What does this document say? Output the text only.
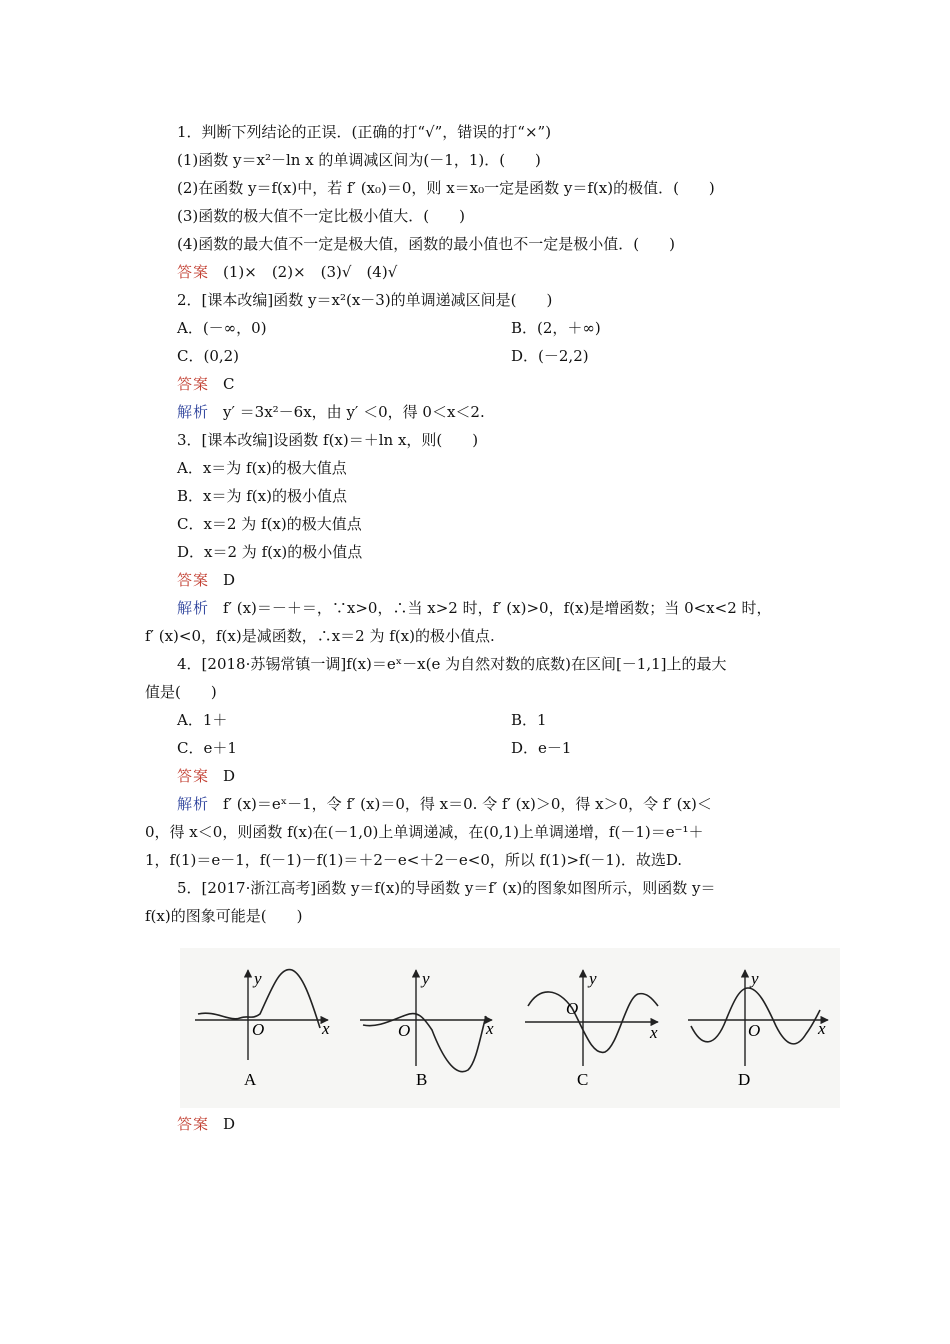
1．判断下列结论的正误．(正确的打“√”，错误的打“×”)
(1)函数 y＝x²－ln x 的单调减区间为(－1，1)．(　　)
(2)在函数 y＝f(x)中，若 f′ (x₀)＝0，则 x＝x₀一定是函数 y＝f(x)的极值．(　　)
(3)函数的极大值不一定比极小值大．(　　)
(4)函数的最大值不一定是极大值，函数的最小值也不一定是极小值．(　　)
答案 (1)×　(2)×　(3)√　(4)√
2．[课本改编]函数 y＝x²(x－3)的单调递减区间是(　　)
A．(－∞，0)	B．(2，＋∞)
C．(0,2)	D．(－2,2)
答案 C
解析 y′ ＝3x²－6x，由 y′ ＜0，得 0＜x＜2.
3．[课本改编]设函数 f(x)＝＋ln x，则(　　)
A．x＝为 f(x)的极大值点
B．x＝为 f(x)的极小值点
C．x＝2 为 f(x)的极大值点
D．x＝2 为 f(x)的极小值点
答案 D
解析 f′ (x)＝－＋＝，∵x>0，∴当 x>2 时，f′ (x)>0，f(x)是增函数；当 0<x<2 时，
f′ (x)<0，f(x)是减函数，∴x＝2 为 f(x)的极小值点.
4．[2018·苏锡常镇一调]f(x)＝eˣ－x(e 为自然对数的底数)在区间[－1,1]上的最大
值是(　　)
A．1＋	B．1
C．e＋1	D．e－1
答案 D
解析 f′ (x)＝eˣ－1，令 f′ (x)＝0，得 x＝0. 令 f′ (x)＞0，得 x＞0，令 f′ (x)＜
0，得 x＜0，则函数 f(x)在(－1,0)上单调递减，在(0,1)上单调递增，f(－1)＝e⁻¹＋
1，f(1)＝e－1，f(－1)－f(1)＝＋2－e<＋2－e<0，所以 f(1)>f(－1)．故选D.
5．[2017·浙江高考]函数 y＝f(x)的导函数 y＝f′ (x)的图象如图所示，则函数 y＝
f(x)的图象可能是(　　)
y
O	x
A
y
O	x
B
y
O
x
C
y
O	x
D
答案 D
